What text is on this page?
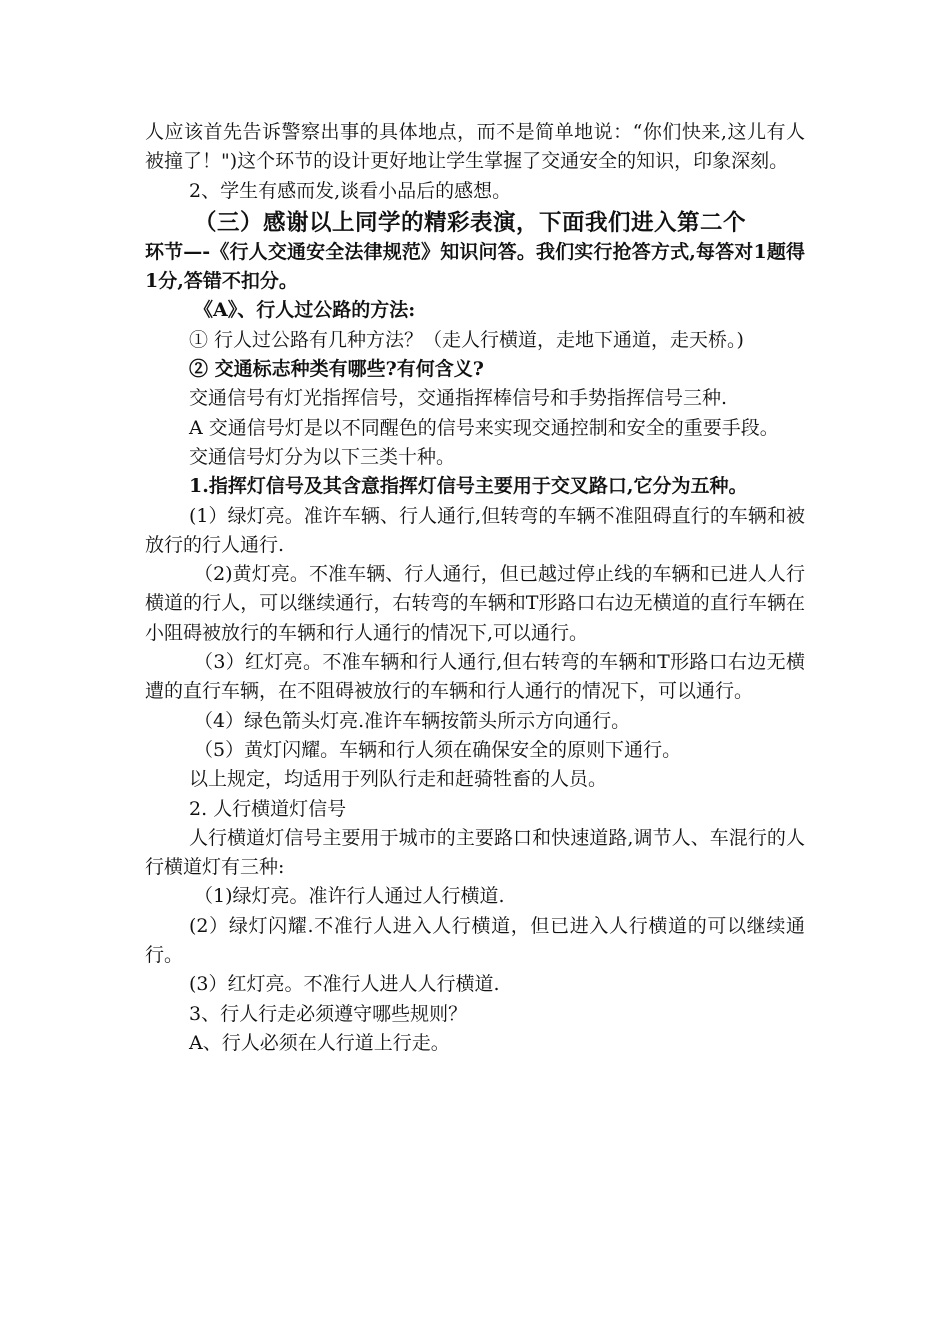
人应该首先告诉警察出事的具体地点，而不是简单地说：“你们快来,这儿有人被撞了！")这个环节的设计更好地让学生掌握了交通安全的知识，印象深刻。

2、学生有感而发,谈看小品后的感想。

（三）感谢以上同学的精彩表演，下面我们进入第二个

环节—-《行人交通安全法律规范》知识问答。我们实行抢答方式,每答对1题得1分,答错不扣分。

《A》、行人过公路的方法:

① 行人过公路有几种方法？（走人行横道，走地下通道，走天桥。)

② 交通标志种类有哪些?有何含义?

交通信号有灯光指挥信号，交通指挥棒信号和手势指挥信号三种.

A 交通信号灯是以不同醒色的信号来实现交通控制和安全的重要手段。

交通信号灯分为以下三类十种。

1.指挥灯信号及其含意指挥灯信号主要用于交叉路口,它分为五种。

(1）绿灯亮。准许车辆、行人通行,但转弯的车辆不准阻碍直行的车辆和被放行的行人通行.

（2)黄灯亮。不准车辆、行人通行，但已越过停止线的车辆和已进人人行横道的行人，可以继续通行，右转弯的车辆和T形路口右边无横道的直行车辆在小阻碍被放行的车辆和行人通行的情况下,可以通行。

（3）红灯亮。不准车辆和行人通行,但右转弯的车辆和T形路口右边无横遭的直行车辆，在不阻碍被放行的车辆和行人通行的情况下，可以通行。

（4）绿色箭头灯亮.准许车辆按箭头所示方向通行。

（5）黄灯闪耀。车辆和行人须在确保安全的原则下通行。

以上规定，均适用于列队行走和赶骑牲畜的人员。

2. 人行横道灯信号

人行横道灯信号主要用于城市的主要路口和快速道路,调节人、车混行的人行横道灯有三种:

（1)绿灯亮。准许行人通过人行横道.

(2）绿灯闪耀.不准行人进入人行横道，但已进入人行横道的可以继续通行。

(3）红灯亮。不准行人进人人行横道.

3、行人行走必须遵守哪些规则？

A、行人必须在人行道上行走。
